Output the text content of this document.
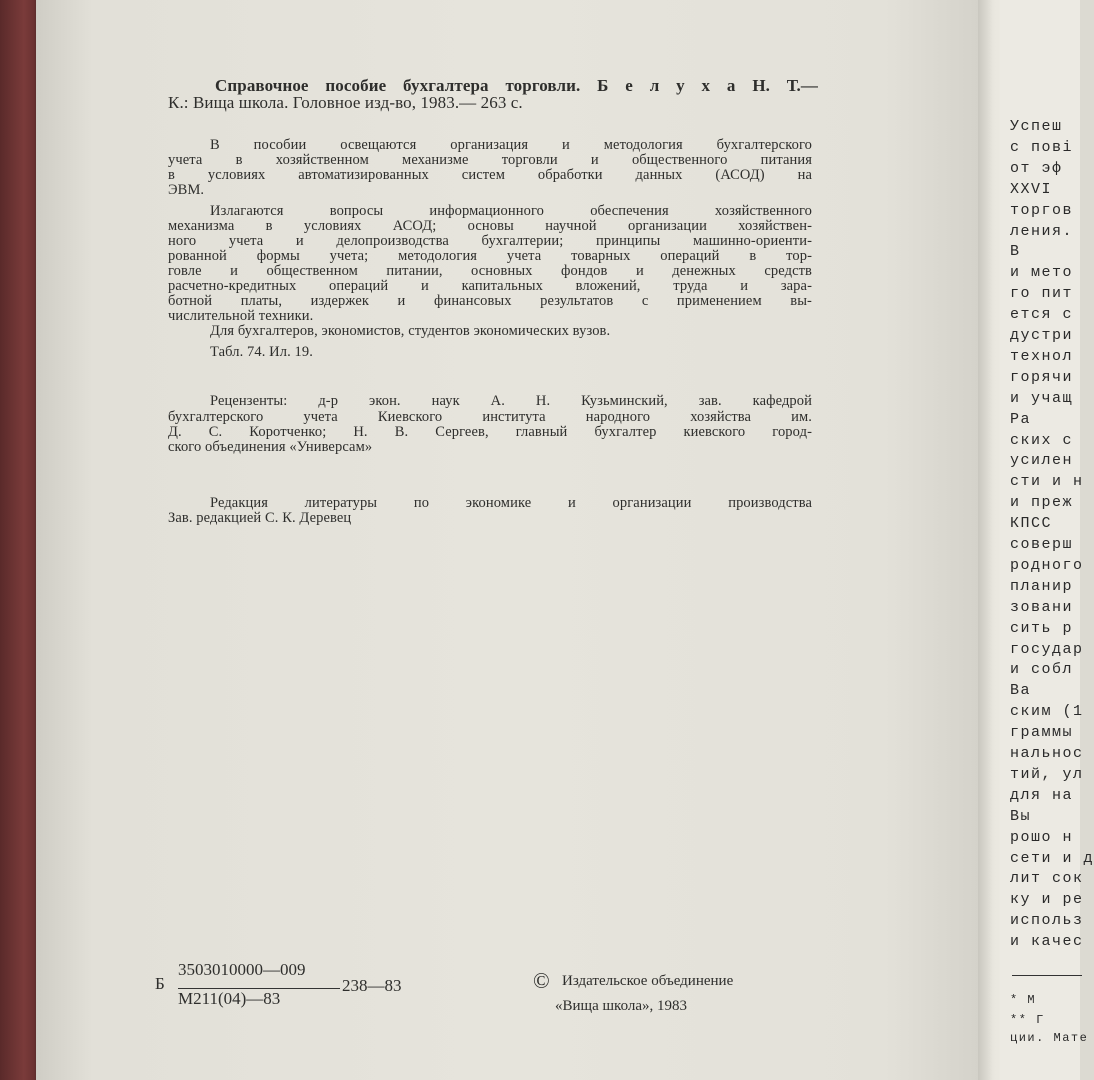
Справочное пособие бухгалтера торговли. Б е л у х а Н. Т.—
К.: Вища школа. Головное изд-во, 1983.— 263 с.
В пособии освещаются организация и методология бухгалтерского
учета в хозяйственном механизме торговли и общественного питания
в условиях автоматизированных систем обработки данных (АСОД) на
ЭВМ.
Излагаются вопросы информационного обеспечения хозяйственного
механизма в условиях АСОД; основы научной организации хозяйствен-
ного учета и делопроизводства бухгалтерии; принципы машинно-ориенти-
рованной формы учета; методология учета товарных операций в тор-
говле и общественном питании, основных фондов и денежных средств
расчетно-кредитных операций и капитальных вложений, труда и зара-
ботной платы, издержек и финансовых результатов с применением вы-
числительной техники.
Для бухгалтеров, экономистов, студентов экономических вузов.
Табл. 74. Ил. 19.
Рецензенты: д-р экон. наук А. Н. Кузьминский, зав. кафедрой
бухгалтерского учета Киевского института народного хозяйства им.
Д. С. Коротченко; Н. В. Сергеев, главный бухгалтер киевского город-
ского объединения «Универсам»
Редакция литературы по экономике и организации производства
Зав. редакцией С. К. Деревец
Б
3503010000—009
М211(04)—83
238—83	© Издательское объединение
«Вища школа», 1983
Успеш
с пові
от эф
XXVI
торгов
ления.
В
и мето
го пит
ется с
дустри
технол
горячи
и учащ
Ра
ских с
усилен
сти и н
и преж
КПСС
соверш
родного
планир
зовани
сить р
государ
и собл
Ва
ским (1
граммы
нальнос
тий, ул
для на
Вы
рошо н
сети и д
лит сок
ку и ре
использ
и качес
* М
** Г
ции. Мате
